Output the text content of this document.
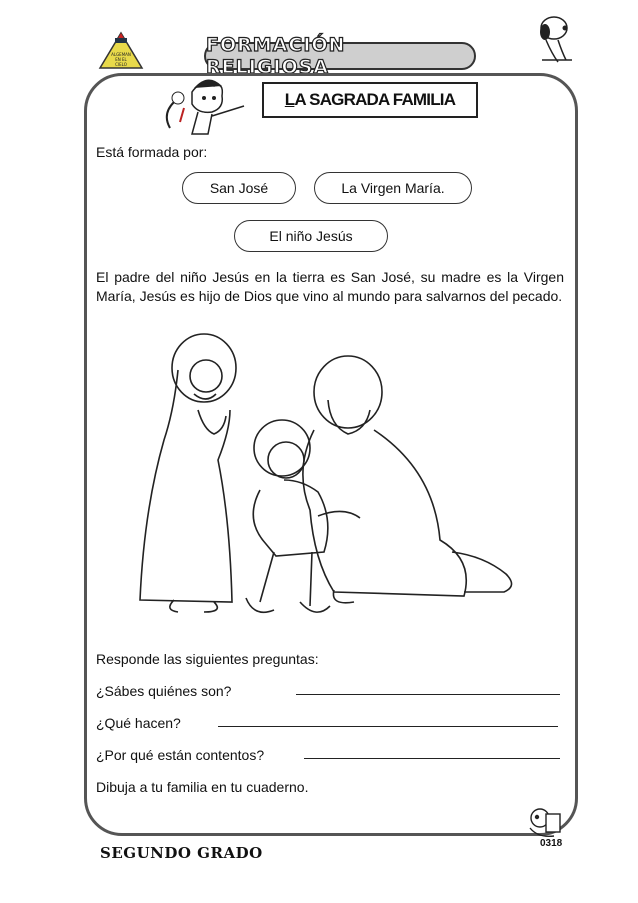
ALGEMAN
EN EL
CIELO
FORMACIÓN RELIGIOSA
LA SAGRADA FAMILIA
Está formada por:
San José	La Virgen María.
El niño Jesús
El padre del niño Jesús en la tierra es San José, su madre es la Virgen María, Jesús es hijo de Dios que vino al mundo para salvarnos del pecado.
Responde las siguientes preguntas:
¿Sábes quiénes son?
¿Qué hacen?
¿Por qué están contentos?
Dibuja a tu familia en tu cuaderno.
SEGUNDO GRADO
0318
